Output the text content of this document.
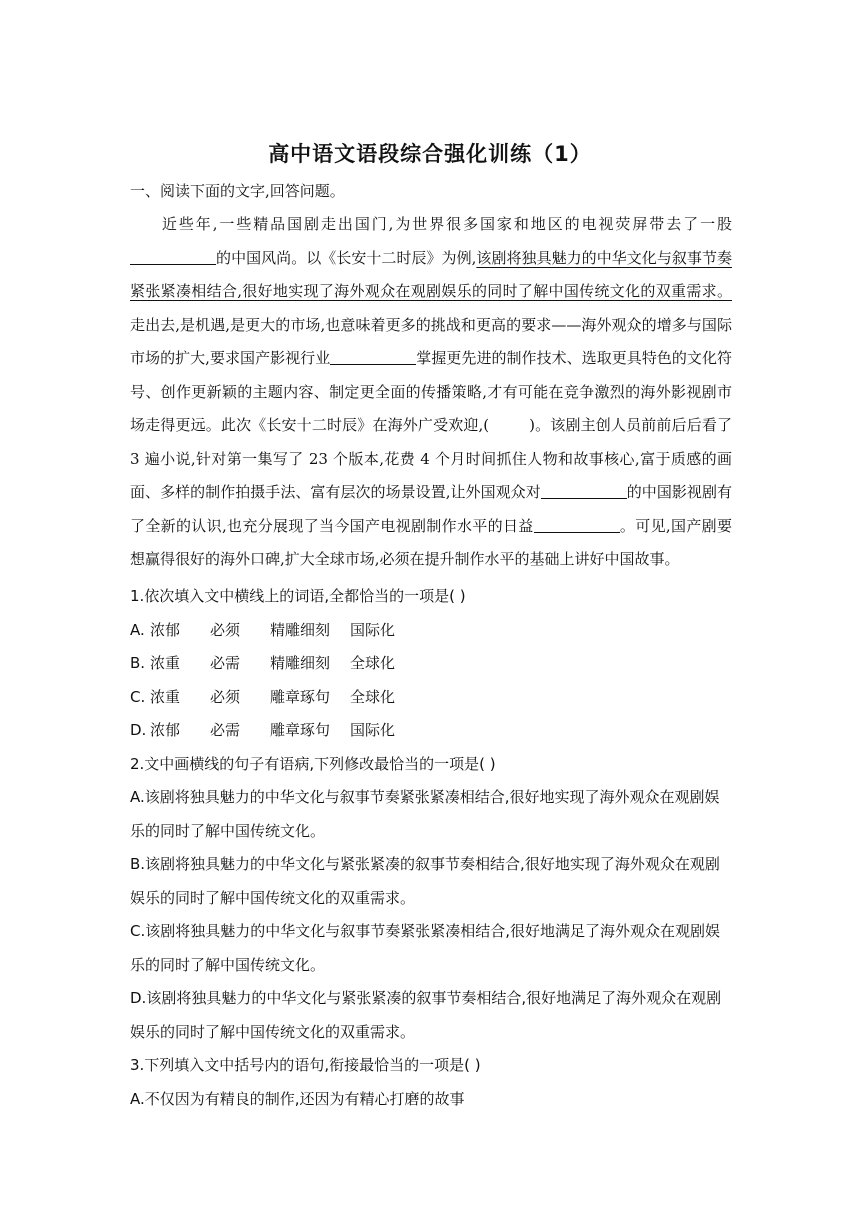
高中语文语段综合强化训练（1）
一、阅读下面的文字,回答问题。
近些年,一些精品国剧走出国门,为世界很多国家和地区的电视荧屏带去了一股的中国风尚。以《长安十二时辰》为例,该剧将独具魅力的中华文化与叙事节奏紧张紧凑相结合,很好地实现了海外观众在观剧娱乐的同时了解中国传统文化的双重需求。走出去,是机遇,是更大的市场,也意味着更多的挑战和更高的要求——海外观众的增多与国际市场的扩大,要求国产影视行业	掌握更先进的制作技术、选取更具特色的文化符号、创作更新颖的主题内容、制定更全面的传播策略,才有可能在竞争激烈的海外影视剧市场走得更远。此次《长安十二时辰》在海外广受欢迎,(	)。该剧主创人员前前后后看了 3 遍小说,针对第一集写了 23 个版本,花费 4 个月时间抓住人物和故事核心,富于质感的画面、多样的制作拍摄手法、富有层次的场景设置,让外国观众对	的中国影视剧有了全新的认识,也充分展现了当今国产电视剧制作水平的日益	。可见,国产剧要想赢得很好的海外口碑,扩大全球市场,必须在提升制作水平的基础上讲好中国故事。
1.依次填入文中横线上的词语,全都恰当的一项是( )
A. 浓郁	必须	精雕细刻	国际化
B. 浓重	必需	精雕细刻	全球化
C. 浓重	必须	雕章琢句	全球化
D. 浓郁	必需	雕章琢句	国际化
2.文中画横线的句子有语病,下列修改最恰当的一项是( )
A.该剧将独具魅力的中华文化与叙事节奏紧张紧凑相结合,很好地实现了海外观众在观剧娱
乐的同时了解中国传统文化。
B.该剧将独具魅力的中华文化与紧张紧凑的叙事节奏相结合,很好地实现了海外观众在观剧
娱乐的同时了解中国传统文化的双重需求。
C.该剧将独具魅力的中华文化与叙事节奏紧张紧凑相结合,很好地满足了海外观众在观剧娱
乐的同时了解中国传统文化。
D.该剧将独具魅力的中华文化与紧张紧凑的叙事节奏相结合,很好地满足了海外观众在观剧
娱乐的同时了解中国传统文化的双重需求。
3.下列填入文中括号内的语句,衔接最恰当的一项是( )
A.不仅因为有精良的制作,还因为有精心打磨的故事
